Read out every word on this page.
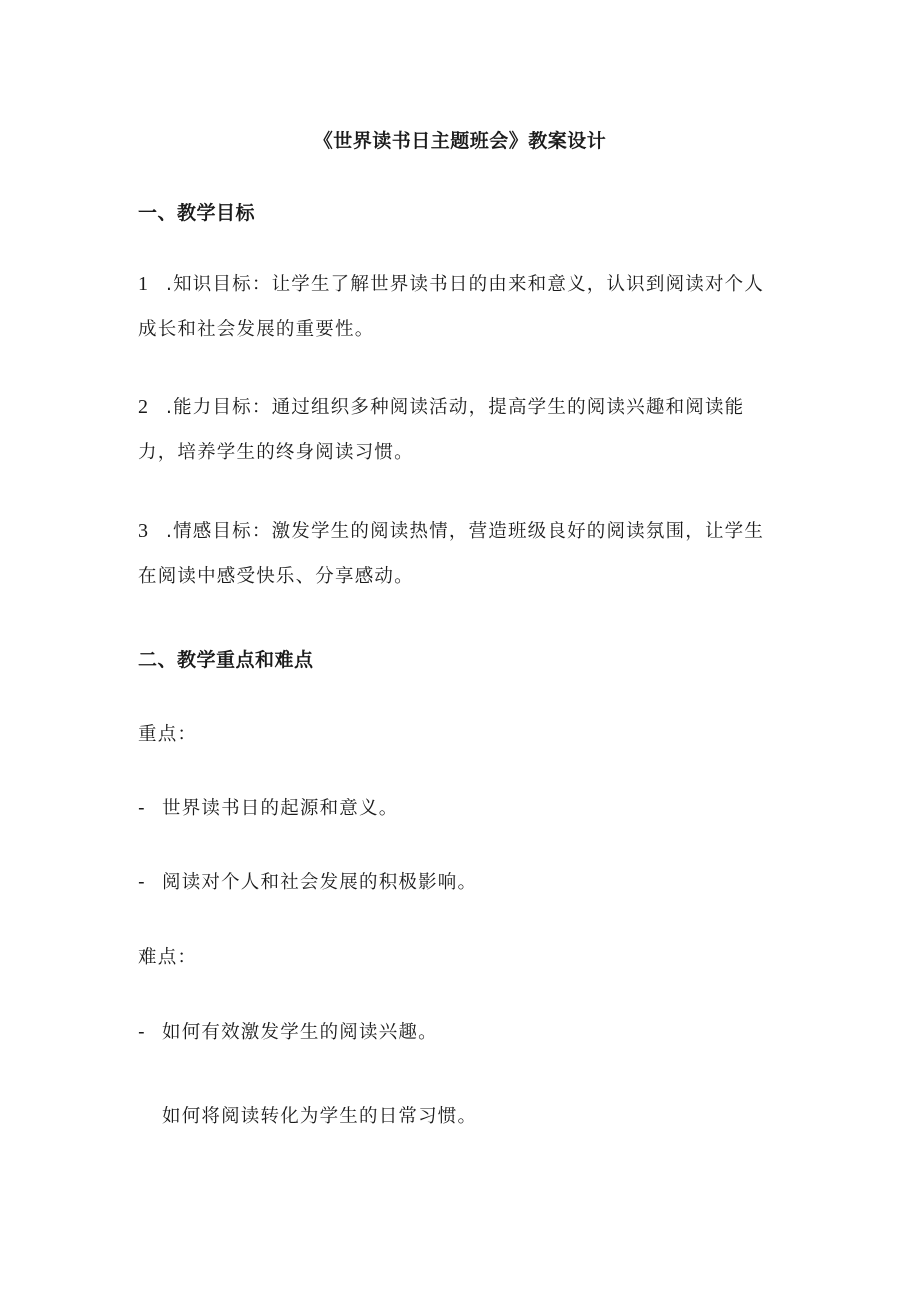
《世界读书日主题班会》教案设计
一、教学目标
1 .知识目标：让学生了解世界读书日的由来和意义，认识到阅读对个人
成长和社会发展的重要性。
2 .能力目标：通过组织多种阅读活动，提高学生的阅读兴趣和阅读能
力，培养学生的终身阅读习惯。
3 .情感目标：激发学生的阅读热情，营造班级良好的阅读氛围，让学生
在阅读中感受快乐、分享感动。
二、教学重点和难点
重点：
- 世界读书日的起源和意义。
- 阅读对个人和社会发展的积极影响。
难点：
- 如何有效激发学生的阅读兴趣。
如何将阅读转化为学生的日常习惯。
